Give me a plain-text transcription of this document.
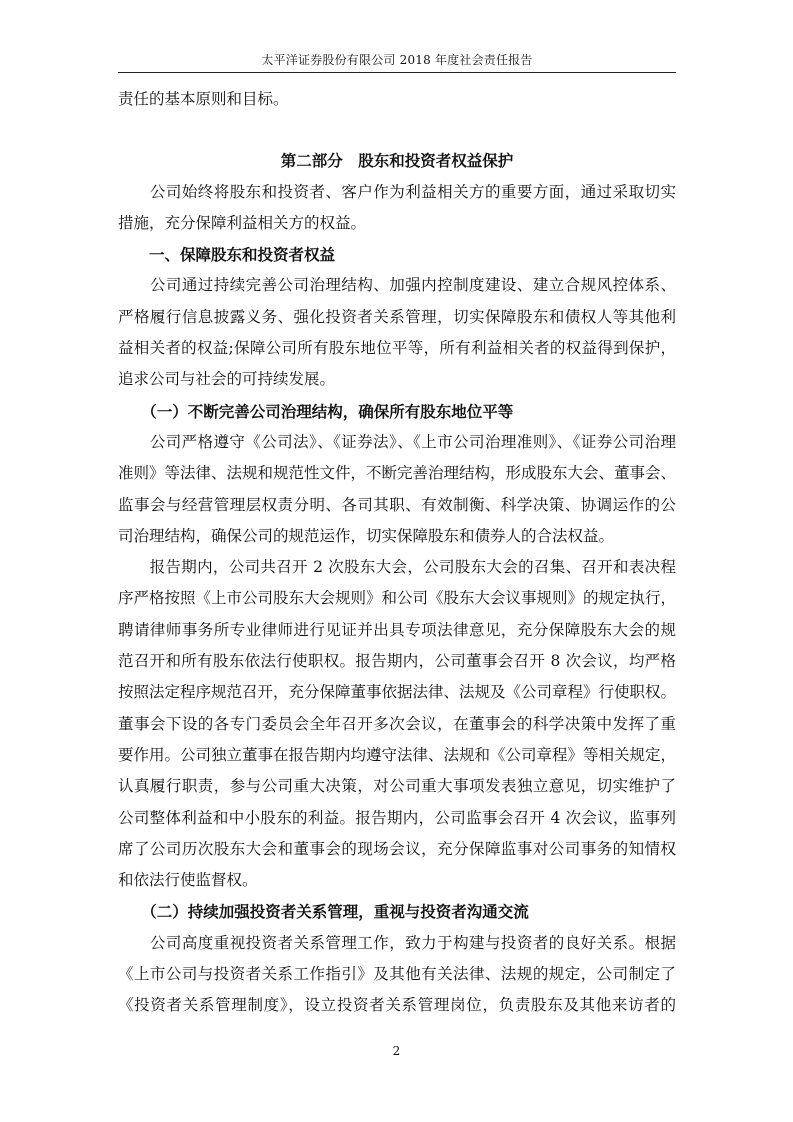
太平洋证券股份有限公司 2018 年度社会责任报告
责任的基本原则和目标。
第二部分　股东和投资者权益保护
　　公司始终将股东和投资者、客户作为利益相关方的重要方面，通过采取切实
措施，充分保障利益相关方的权益。
　　一、保障股东和投资者权益
　　公司通过持续完善公司治理结构、加强内控制度建设、建立合规风控体系、
严格履行信息披露义务、强化投资者关系管理，切实保障股东和债权人等其他利
益相关者的权益;保障公司所有股东地位平等，所有利益相关者的权益得到保护，
追求公司与社会的可持续发展。
　　（一）不断完善公司治理结构，确保所有股东地位平等
　　公司严格遵守《公司法》、《证券法》、《上市公司治理准则》、《证券公司治理
准则》等法律、法规和规范性文件，不断完善治理结构，形成股东大会、董事会、
监事会与经营管理层权责分明、各司其职、有效制衡、科学决策、协调运作的公
司治理结构，确保公司的规范运作，切实保障股东和债券人的合法权益。
　　报告期内，公司共召开 2 次股东大会，公司股东大会的召集、召开和表决程
序严格按照《上市公司股东大会规则》和公司《股东大会议事规则》的规定执行，
聘请律师事务所专业律师进行见证并出具专项法律意见，充分保障股东大会的规
范召开和所有股东依法行使职权。报告期内，公司董事会召开 8 次会议，均严格
按照法定程序规范召开，充分保障董事依据法律、法规及《公司章程》行使职权。
董事会下设的各专门委员会全年召开多次会议，在董事会的科学决策中发挥了重
要作用。公司独立董事在报告期内均遵守法律、法规和《公司章程》等相关规定，
认真履行职责，参与公司重大决策，对公司重大事项发表独立意见，切实维护了
公司整体利益和中小股东的利益。报告期内，公司监事会召开 4 次会议，监事列
席了公司历次股东大会和董事会的现场会议，充分保障监事对公司事务的知情权
和依法行使监督权。
　　（二）持续加强投资者关系管理，重视与投资者沟通交流
　　公司高度重视投资者关系管理工作，致力于构建与投资者的良好关系。根据
《上市公司与投资者关系工作指引》及其他有关法律、法规的规定，公司制定了
《投资者关系管理制度》，设立投资者关系管理岗位，负责股东及其他来访者的
2
